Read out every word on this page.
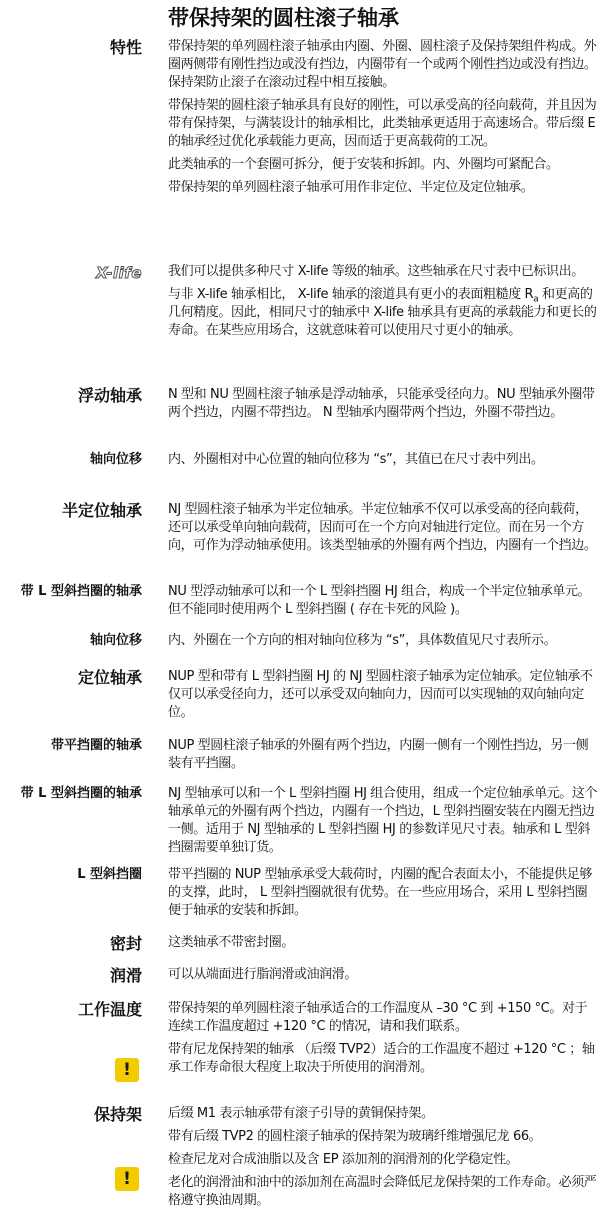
带保持架的圆柱滚子轴承
特性 带保持架的单列圆柱滚子轴承由内圈、外圈、圆柱滚子及保持架组件构成。外圈两侧带有刚性挡边或没有挡边，内圈带有一个或两个刚性挡边或没有挡边。保持架防止滚子在滚动过程中相互接触。

带保持架的圆柱滚子轴承具有良好的刚性，可以承受高的径向载荷，并且因为带有保持架，与满装设计的轴承相比，此类轴承更适用于高速场合。带后缀 E 的轴承经过优化承载能力更高，因而适于更高载荷的工况。

此类轴承的一个套圈可拆分，便于安装和拆卸。内、外圈均可紧配合。

带保持架的单列圆柱滚子轴承可用作非定位、半定位及定位轴承。

X-life 我们可以提供多种尺寸 X-life 等级的轴承。这些轴承在尺寸表中已标识出。

与非 X-life 轴承相比， X-life 轴承的滚道具有更小的表面粗糙度 $R_a$ 和更高的几何精度。因此，相同尺寸的轴承中 X-life 轴承具有更高的承载能力和更长的寿命。在某些应用场合，这就意味着可以使用尺寸更小的轴承。

浮动轴承 N 型和 NU 型圆柱滚子轴承是浮动轴承，只能承受径向力。NU 型轴承外圈带两个挡边，内圈不带挡边。 N 型轴承内圈带两个挡边，外圈不带挡边。

轴向位移 内、外圈相对中心位置的轴向位移为 “s”，其值已在尺寸表中列出。

半定位轴承 NJ 型圆柱滚子轴承为半定位轴承。半定位轴承不仅可以承受高的径向载荷，还可以承受单向轴向载荷，因而可在一个方向对轴进行定位。而在另一个方向，可作为浮动轴承使用。该类型轴承的外圈有两个挡边，内圈有一个挡边。

带 L 型斜挡圈的轴承 NU 型浮动轴承可以和一个 L 型斜挡圈 HJ 组合，构成一个半定位轴承单元。但不能同时使用两个 L 型斜挡圈 ( 存在卡死的风险 )。

轴向位移 内、外圈在一个方向的相对轴向位移为 “s”，具体数值见尺寸表所示。

定位轴承 NUP 型和带有 L 型斜挡圈 HJ 的 NJ 型圆柱滚子轴承为定位轴承。定位轴承不仅可以承受径向力，还可以承受双向轴向力，因而可以实现轴的双向轴向定位。

带平挡圈的轴承 NUP 型圆柱滚子轴承的外圈有两个挡边，内圈一侧有一个刚性挡边，另一侧装有平挡圈。

带 L 型斜挡圈的轴承 NJ 型轴承可以和一个 L 型斜挡圈 HJ 组合使用，组成一个定位轴承单元。这个轴承单元的外圈有两个挡边，内圈有一个挡边，L 型斜挡圈安装在内圈无挡边一侧。适用于 NJ 型轴承的 L 型斜挡圈 HJ 的参数详见尺寸表。轴承和 L 型斜挡圈需要单独订货。

L 型斜挡圈 带平挡圈的 NUP 型轴承承受大载荷时，内圈的配合表面太小，不能提供足够的支撑，此时， L 型斜挡圈就很有优势。在一些应用场合，采用 L 型斜挡圈便于轴承的安装和拆卸。

密封 这类轴承不带密封圈。

润滑 可以从端面进行脂润滑或油润滑。

工作温度 带保持架的单列圆柱滚子轴承适合的工作温度从 –30 °C 到 +150 °C。对于连续工作温度超过 +120 °C 的情况，请和我们联系。

带有尼龙保持架的轴承 （后缀 TVP2）适合的工作温度不超过 +120 °C ；轴承工作寿命很大程度上取决于所使用的润滑剂。

!
保持架 后缀 M1 表示轴承带有滚子引导的黄铜保持架。

带有后缀 TVP2 的圆柱滚子轴承的保持架为玻璃纤维增强尼龙 66。

检查尼龙对合成油脂以及含 EP 添加剂的润滑剂的化学稳定性。

老化的润滑油和油中的添加剂在高温时会降低尼龙保持架的工作寿命。必须严格遵守换油周期。

!
